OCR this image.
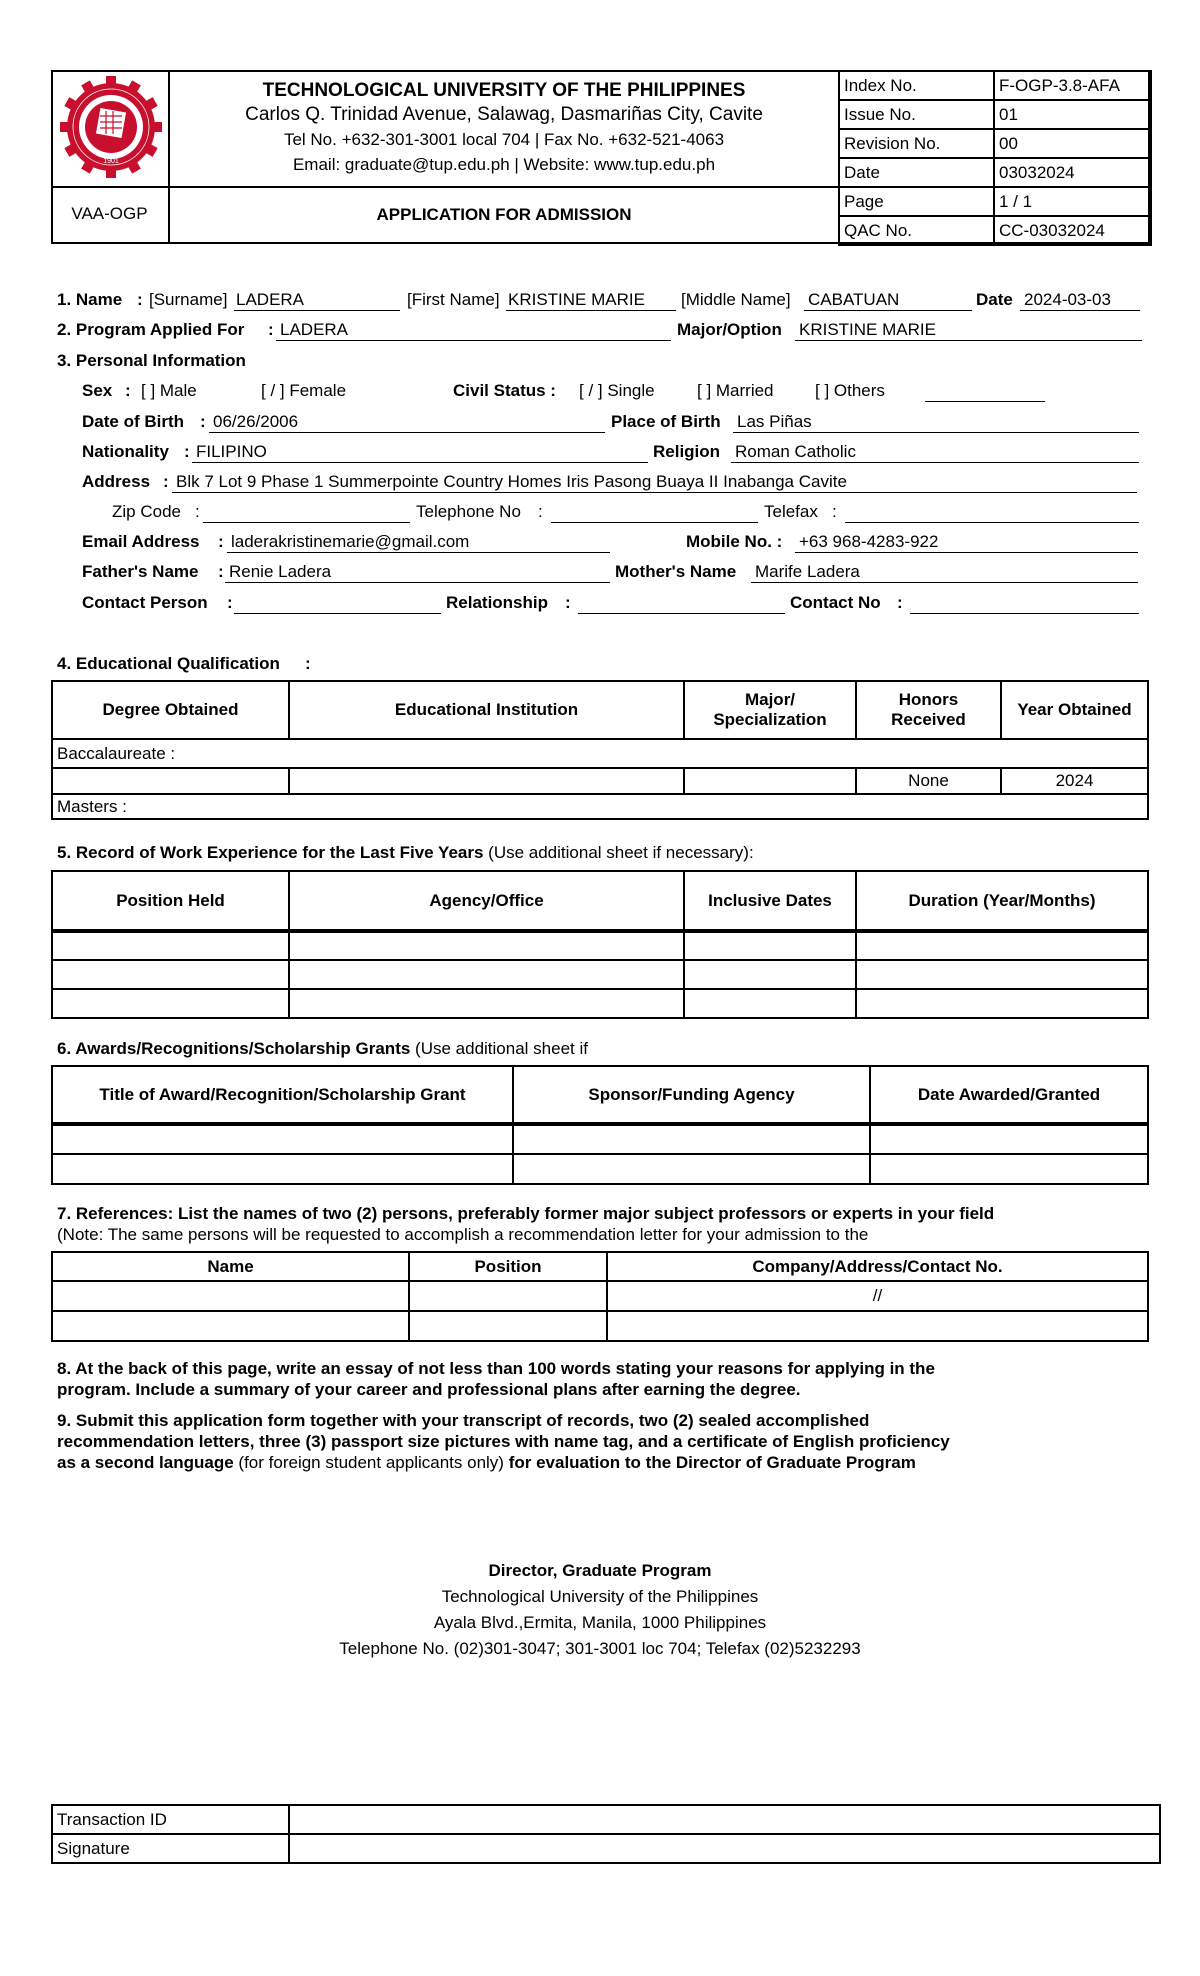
1901
TECHNOLOGICAL UNIVERSITY OF THE PHILIPPINES
Carlos Q. Trinidad Avenue, Salawag, Dasmariñas City, Cavite
Tel No. +632-301-3001 local 704 | Fax No. +632-521-4063
Email: graduate@tup.edu.ph | Website: www.tup.edu.ph
VAA-OGP	APPLICATION FOR ADMISSION
Index No.	F-OGP-3.8-AFA
Issue No.	01
Revision No.	00
Date	03032024
Page	1 / 1
QAC No.	CC-03032024
1. Name : [Surname] LADERA	[First Name] KRISTINE MARIE	[Middle Name] CABATUAN	Date 2024-03-03
2. Program Applied For : LADERA	Major/Option KRISTINE MARIE
3. Personal Information
Sex : [ ] Male	[ / ] Female	Civil Status : [ / ] Single [ ] Married [ ] Others
Date of Birth : 06/26/2006	Place of Birth Las Piñas
Nationality : FILIPINO	Religion Roman Catholic
Address : Blk 7 Lot 9 Phase 1 Summerpointe Country Homes Iris Pasong Buaya II Inabanga Cavite
Zip Code :	Telephone No :	Telefax :
Email Address : laderakristinemarie@gmail.com	Mobile No. : +63 968-4283-922
Father's Name : Renie Ladera	Mother's Name Marife Ladera
Contact Person :	Relationship :	Contact No :
4. Educational Qualification :
Degree Obtained	Educational Institution	Major/ Specialization	Honors Received	Year Obtained
Baccalaureate :				
			None	2024
Masters :				
5. Record of Work Experience for the Last Five Years (Use additional sheet if necessary):
Position Held	Agency/Office	Inclusive Dates	Duration (Year/Months)

6. Awards/Recognitions/Scholarship Grants (Use additional sheet if
Title of Award/Recognition/Scholarship Grant	Sponsor/Funding Agency	Date Awarded/Granted

7. References: List the names of two (2) persons, preferably former major subject professors or experts in your field
(Note: The same persons will be requested to accomplish a recommendation letter for your admission to the
Name	Position	Company/Address/Contact No.
		//

8. At the back of this page, write an essay of not less than 100 words stating your reasons for applying in the
program. Include a summary of your career and professional plans after earning the degree.
9. Submit this application form together with your transcript of records, two (2) sealed accomplished
recommendation letters, three (3) passport size pictures with name tag, and a certificate of English proficiency
as a second language (for foreign student applicants only) for evaluation to the Director of Graduate Program
Director, Graduate Program
Technological University of the Philippines
Ayala Blvd.,Ermita, Manila, 1000 Philippines
Telephone No. (02)301-3047; 301-3001 loc 704; Telefax (02)5232293
Transaction ID	
Signature	
